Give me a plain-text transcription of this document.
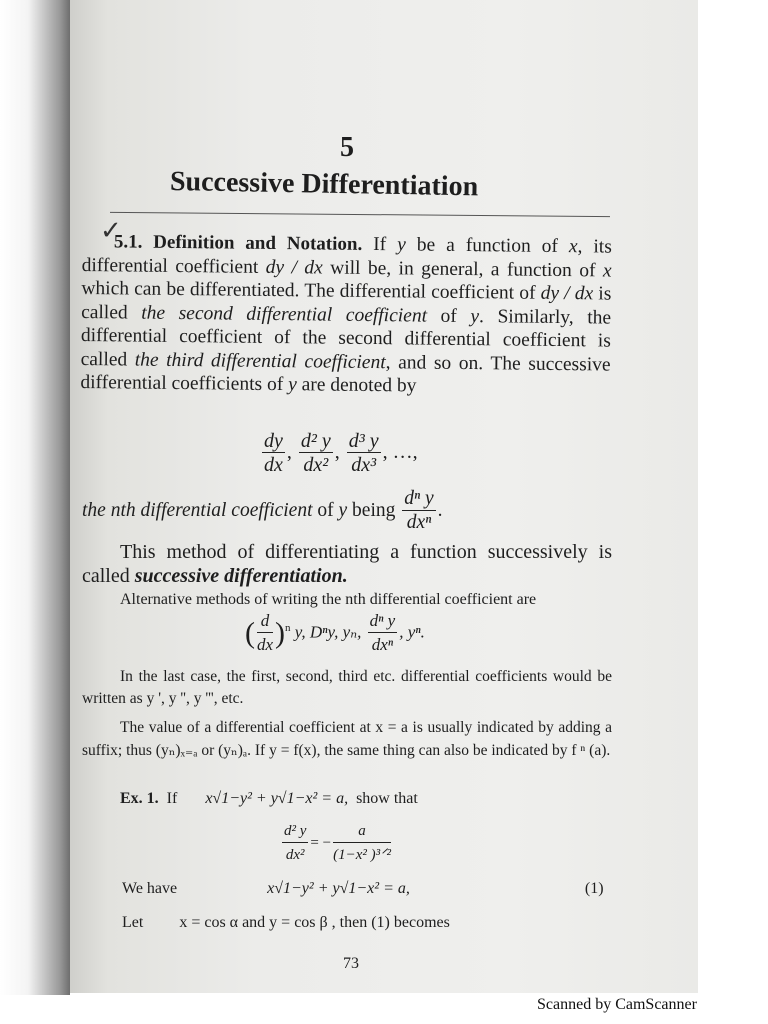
5
Successive Differentiation
✓
5.1. Definition and Notation. If y be a function of x, its differential coefficient dy / dx will be, in general, a function of x which can be differentiated. The differential coefficient of dy / dx is called the second differential coefficient of y. Similarly, the differential coefficient of the second differential coefficient is called the third differential coefficient, and so on. The successive differential coefficients of y are denoted by
$\frac{dy}{dx}$ , $\frac{\text{d² y}}{\text{dx²}}$ , $\frac{\text{d³ y}}{\text{dx³}}$ , …,
the nth differential coefficient of y being $\frac{\text{dⁿ y}}{\text{dxⁿ}}$ .
This method of differentiating a function successively is called successive differentiation.
Alternative methods of writing the nth differential coefficient are
( $\frac{d}{dx} )^n$ y, Dⁿy, yₙ, $\frac{\text{dⁿ y}}{\text{dxⁿ}}$ , yⁿ.
In the last case, the first, second, third etc. differential coefficients would be written as y ', y '', y ''', etc.
The value of a differential coefficient at x = a is usually indicated by adding a suffix; thus (yₙ)ₓ₌ₐ or (yₙ)ₐ. If y = f(x), the same thing can also be indicated by f ⁿ (a).
Ex. 1. If x√1−y² + y√1−x² = a, show that
$\frac{\text{d² y}}{\text{dx²}}$ = − $\frac{a}{\text{(1−x² )³ᐟ²}}$
We have	x√1−y² + y√1−x² = a,	(1)
Let x = cos α and y = cos β , then (1) becomes
73
Scanned by CamScanner
